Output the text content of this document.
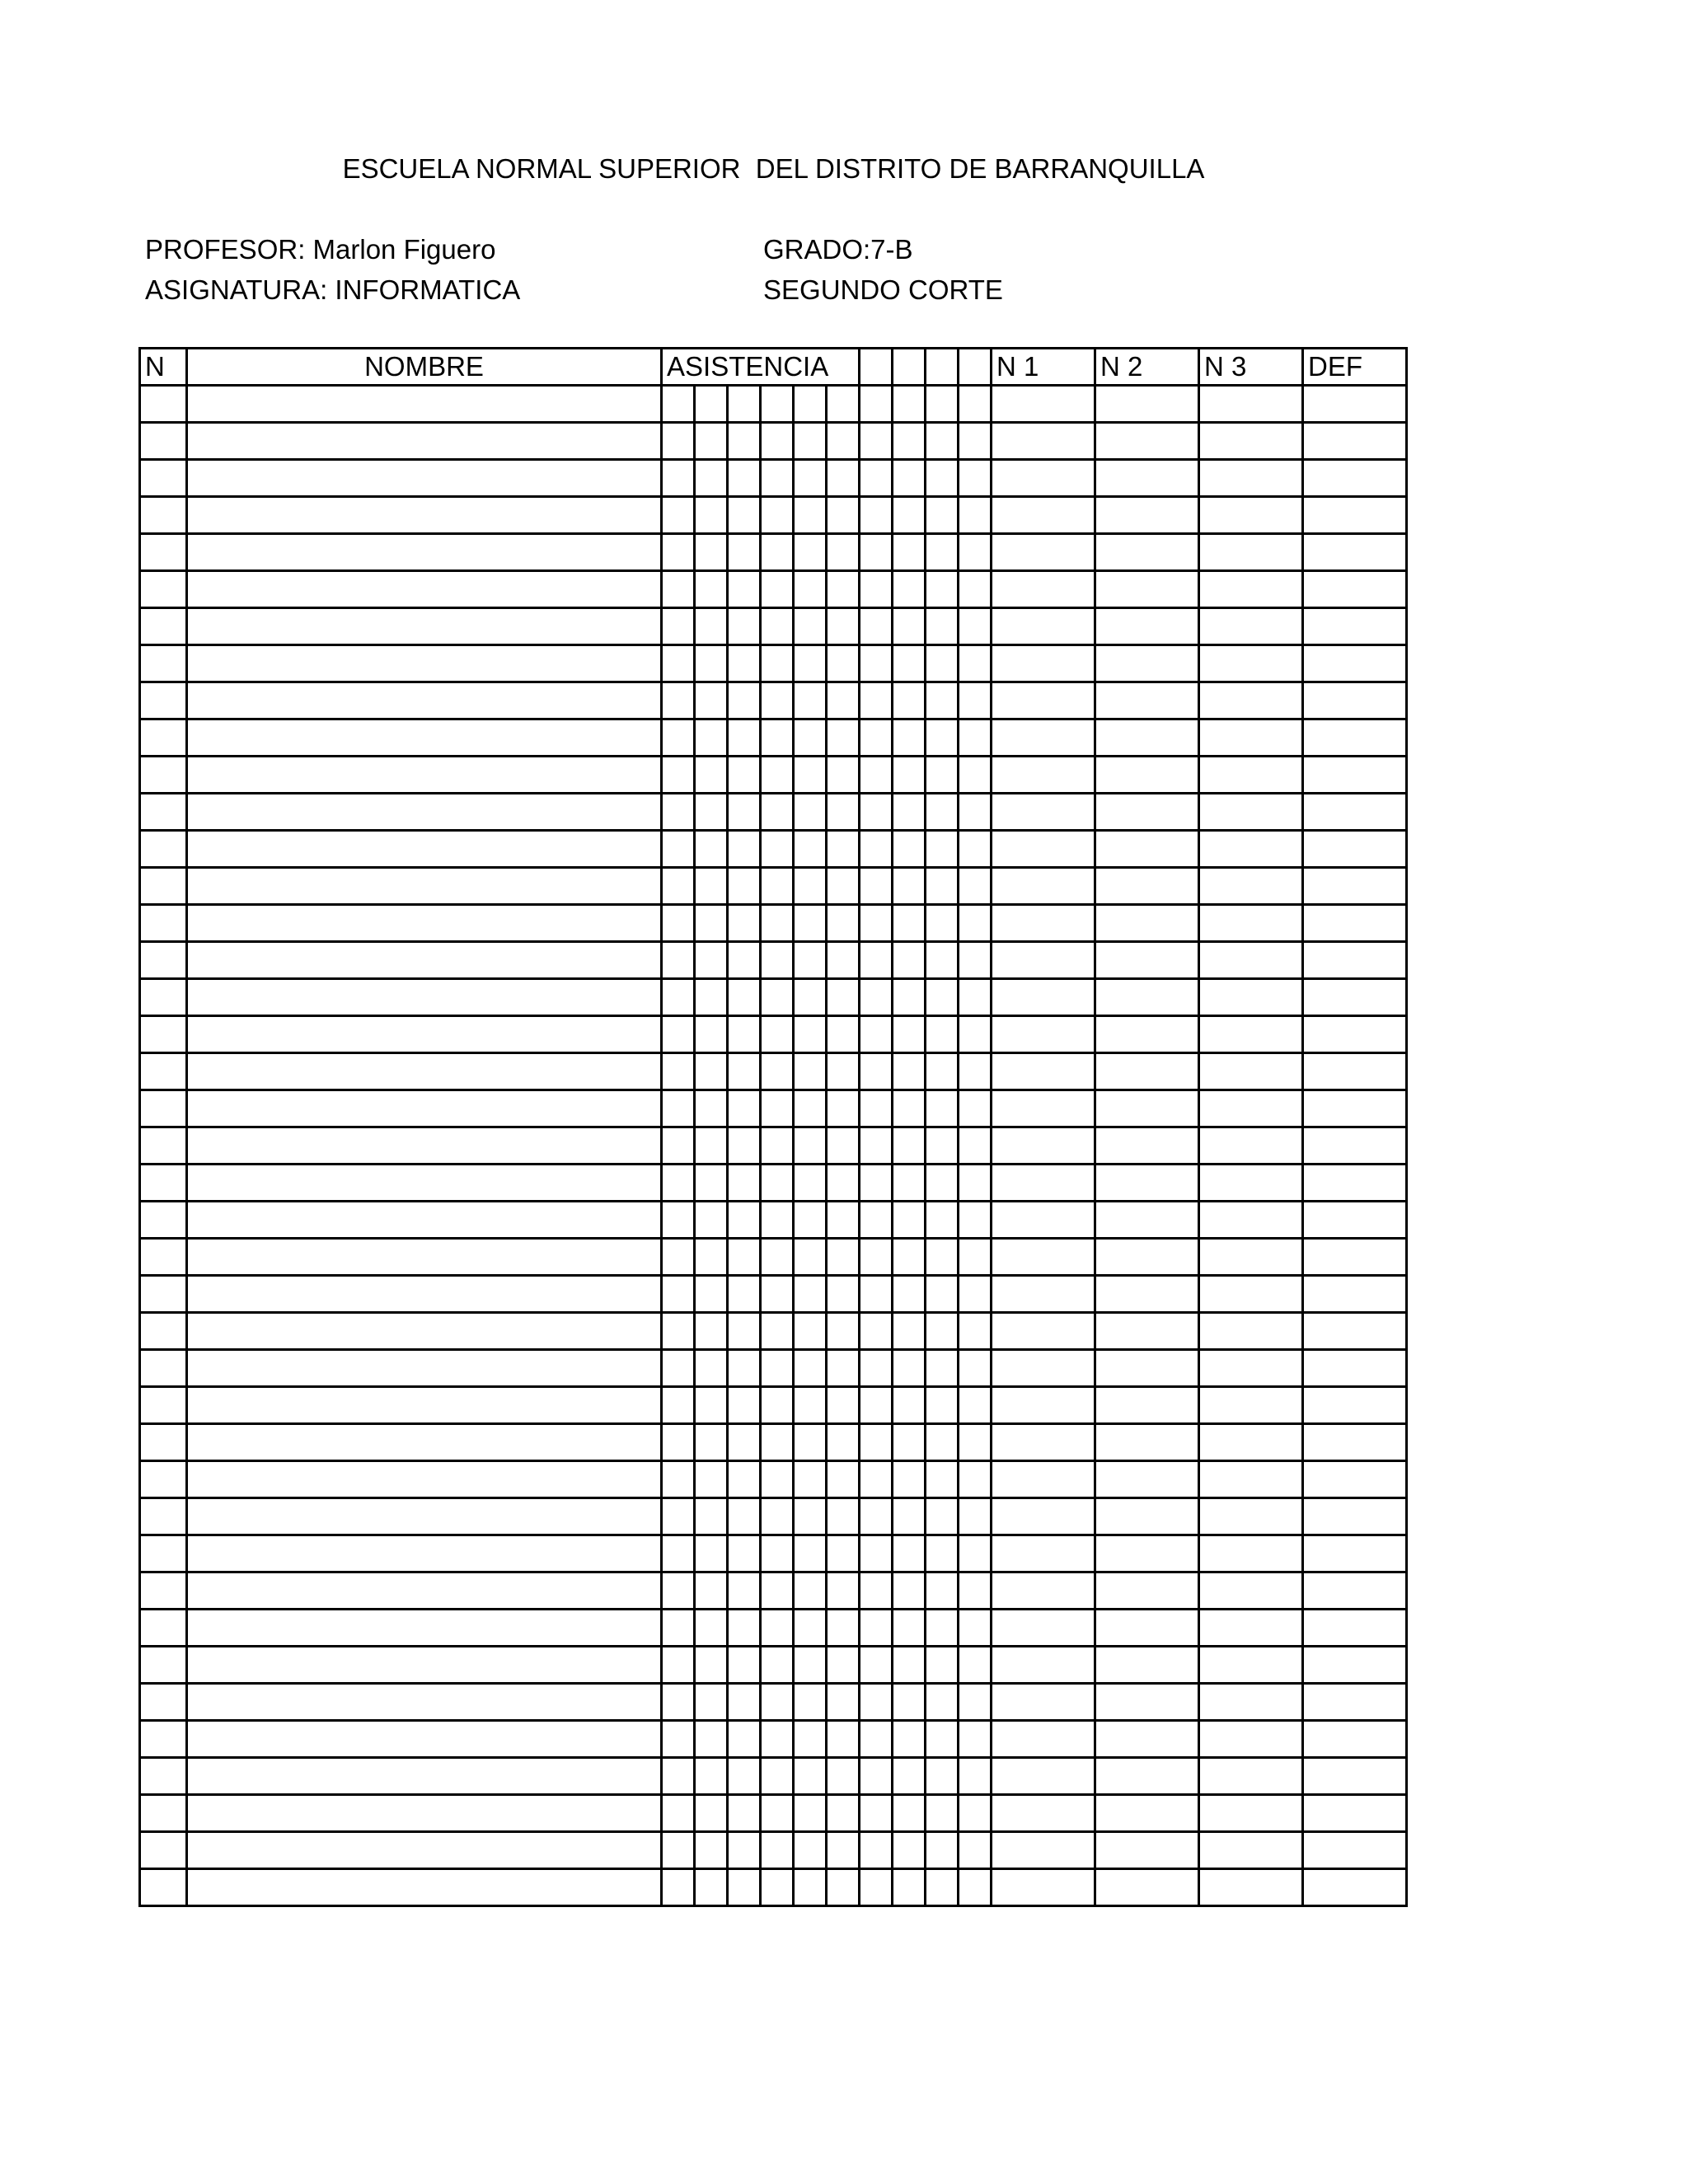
ESCUELA NORMAL SUPERIOR  DEL DISTRITO DE BARRANQUILLA
PROFESOR: Marlon Figuero
ASIGNATURA: INFORMATICA
GRADO:7-B
SEGUNDO CORTE
N	NOMBRE	ASISTENCIA										N 1	N 2	N 3	DEF
